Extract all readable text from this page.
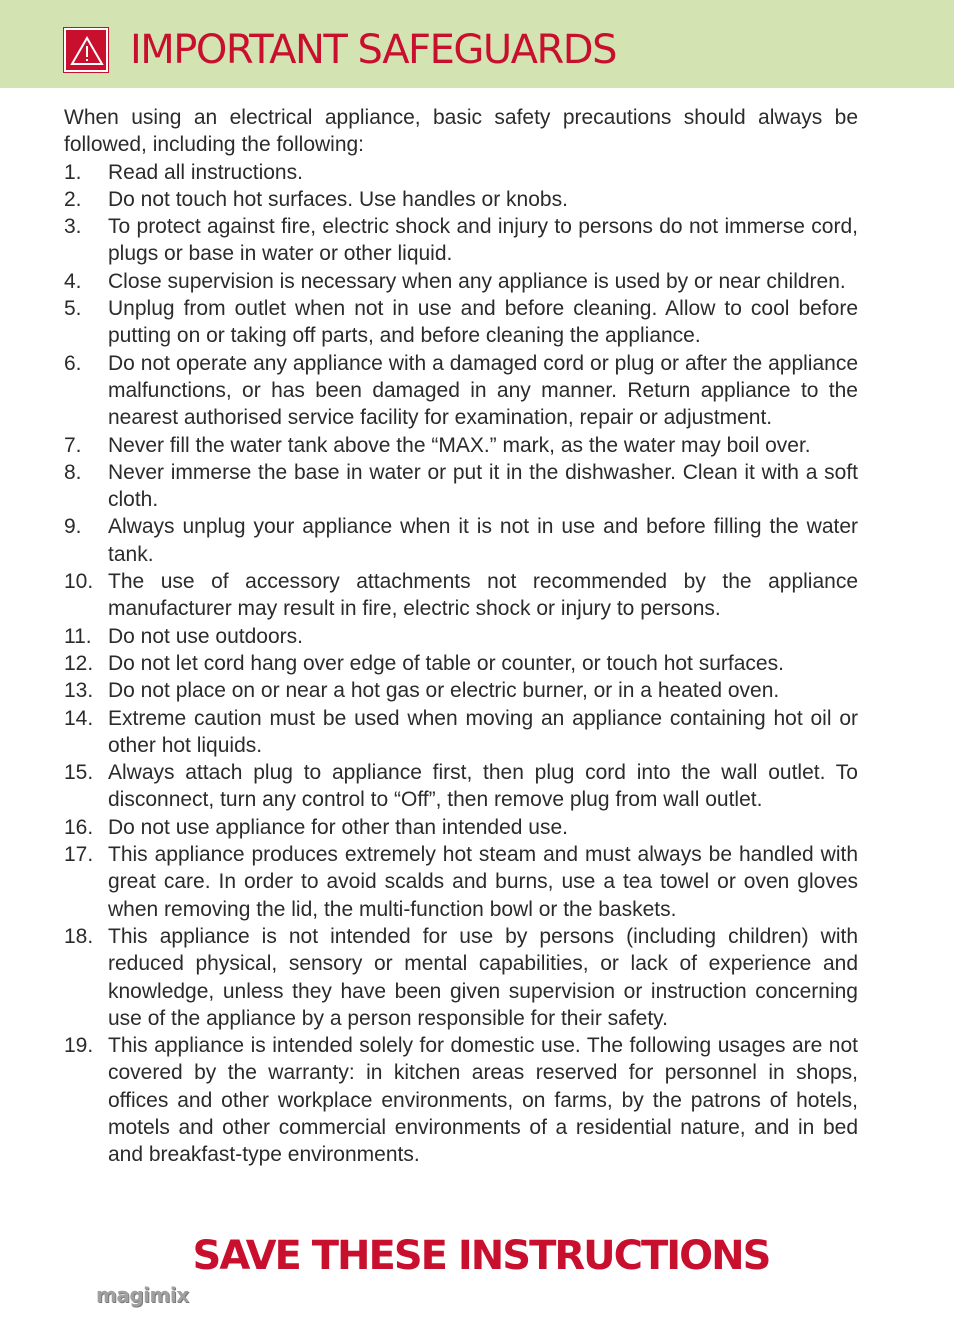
IMPORTANT SAFEGUARDS

When using an electrical appliance, basic safety precautions should always be followed, including the following:

1.	Read all instructions.
2.	Do not touch hot surfaces. Use handles or knobs.
3.	To protect against fire, electric shock and injury to persons do not immerse cord, plugs or base in water or other liquid.
4.	Close supervision is necessary when any appliance is used by or near children.
5.	Unplug from outlet when not in use and before cleaning. Allow to cool before putting on or taking off parts, and before cleaning the appliance.
6.	Do not operate any appliance with a damaged cord or plug or after the appliance malfunctions, or has been damaged in any manner. Return appliance to the nearest authorised service facility for examination, repair or adjustment.
7.	Never fill the water tank above the “MAX.” mark, as the water may boil over.
8.	Never immerse the base in water or put it in the dishwasher. Clean it with a soft cloth.
9.	Always unplug your appliance when it is not in use and before filling the water tank.
10. The use of accessory attachments not recommended by the appliance manufacturer may result in fire, electric shock or injury to persons.
11. Do not use outdoors.
12. Do not let cord hang over edge of table or counter, or touch hot surfaces.
13. Do not place on or near a hot gas or electric burner, or in a heated oven.
14. Extreme caution must be used when moving an appliance containing hot oil or other hot liquids.
15. Always attach plug to appliance first, then plug cord into the wall outlet. To disconnect, turn any control to “Off”, then remove plug from wall outlet.
16. Do not use appliance for other than intended use.
17. This appliance produces extremely hot steam and must always be handled with great care. In order to avoid scalds and burns, use a tea towel or oven gloves when removing the lid, the multi-function bowl or the baskets.
18. This appliance is not intended for use by persons (including children) with reduced physical, sensory or mental capabilities, or lack of experience and knowledge, unless they have been given supervision or instruction concerning use of the appliance by a person responsible for their safety.
19. This appliance is intended solely for domestic use. The following usages are not covered by the warranty: in kitchen areas reserved for personnel in shops, offices and other workplace environments, on farms, by the patrons of hotels, motels and other commercial environments of a residential nature, and in bed and breakfast-type environments.
SAVE THESE INSTRUCTIONS
magimix
